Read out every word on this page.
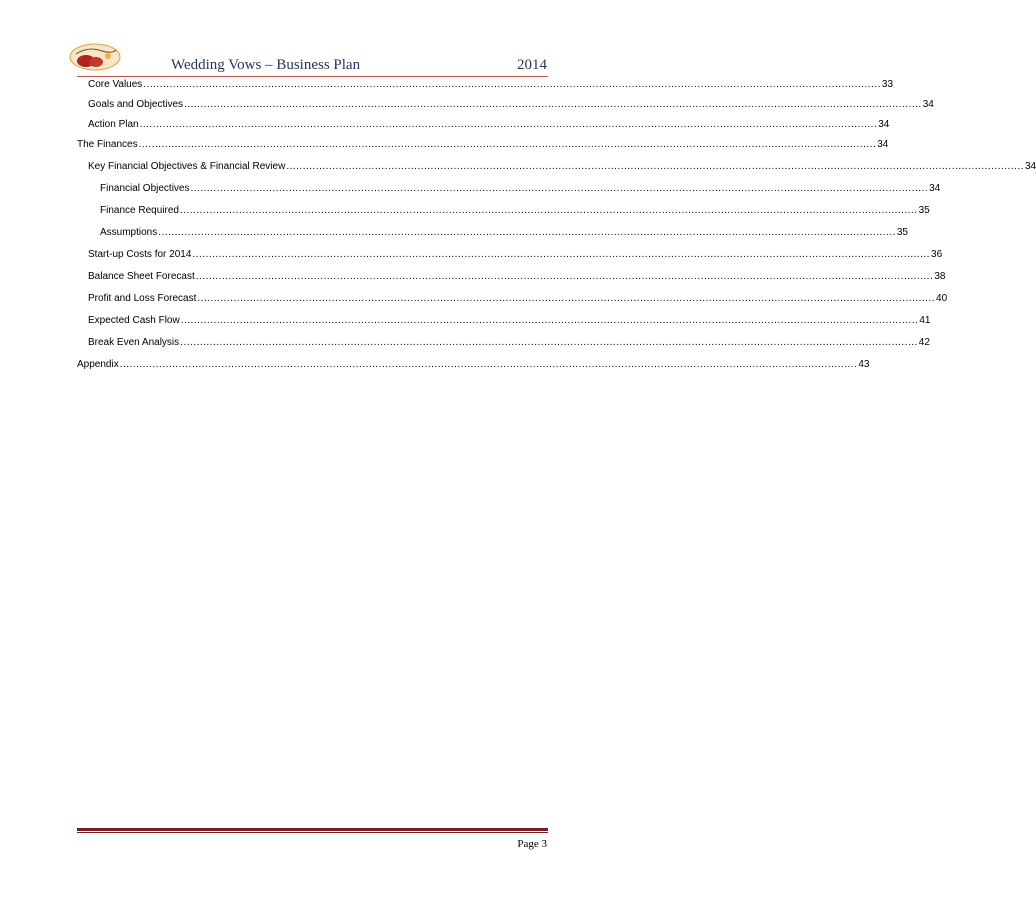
Wedding Vows – Business Plan	2014
Core Values ................................................................................................................................................................................................................................. 33
Goals and Objectives ................................................................................................................................................................................................................................. 34
Action Plan ................................................................................................................................................................................................................................. 34
The Finances ................................................................................................................................................................................................................................. 34
Key Financial Objectives & Financial Review ................................................................................................................................................................................................................................. 34
Financial Objectives ................................................................................................................................................................................................................................. 34
Finance Required ................................................................................................................................................................................................................................. 35
Assumptions ................................................................................................................................................................................................................................. 35
Start-up Costs for 2014 ................................................................................................................................................................................................................................. 36
Balance Sheet Forecast ................................................................................................................................................................................................................................. 38
Profit and Loss Forecast ................................................................................................................................................................................................................................. 40
Expected Cash Flow ................................................................................................................................................................................................................................. 41
Break Even Analysis ................................................................................................................................................................................................................................. 42
Appendix ................................................................................................................................................................................................................................. 43
Page 3
